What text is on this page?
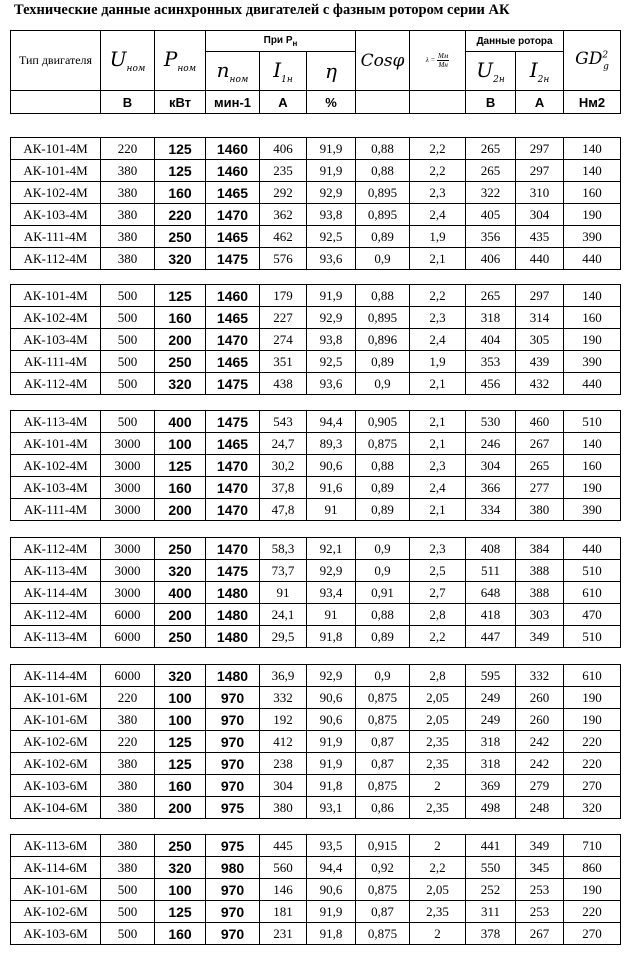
Технические данные асинхронных двигателей с фазным ротором серии АК
Тип двигателя	$U_{ном}$	$P_{ном}$	При $P_н$			Cosφ	$\lambda = \frac{Mм}{Mн}$	Данные ротора		$GD^2_g$
			$n_{ном}$	$I_{1н}$	η			$U_{2н}$	$I_{2н}$
	В	кВт	мин-1	А	%			В	А	Нм2
АК-101-4М	220	125	1460	406	91,9	0,88	2,2	265	297	140
АК-101-4М	380	125	1460	235	91,9	0,88	2,2	265	297	140
АК-102-4М	380	160	1465	292	92,9	0,895	2,3	322	310	160
АК-103-4М	380	220	1470	362	93,8	0,895	2,4	405	304	190
АК-111-4М	380	250	1465	462	92,5	0,89	1,9	356	435	390
АК-112-4М	380	320	1475	576	93,6	0,9	2,1	406	440	440
АК-101-4М	500	125	1460	179	91,9	0,88	2,2	265	297	140
АК-102-4М	500	160	1465	227	92,9	0,895	2,3	318	314	160
АК-103-4М	500	200	1470	274	93,8	0,896	2,4	404	305	190
АК-111-4М	500	250	1465	351	92,5	0,89	1,9	353	439	390
АК-112-4М	500	320	1475	438	93,6	0,9	2,1	456	432	440
АК-113-4М	500	400	1475	543	94,4	0,905	2,1	530	460	510
АК-101-4М	3000	100	1465	24,7	89,3	0,875	2,1	246	267	140
АК-102-4М	3000	125	1470	30,2	90,6	0,88	2,3	304	265	160
АК-103-4М	3000	160	1470	37,8	91,6	0,89	2,4	366	277	190
АК-111-4М	3000	200	1470	47,8	91	0,89	2,1	334	380	390
АК-112-4М	3000	250	1470	58,3	92,1	0,9	2,3	408	384	440
АК-113-4М	3000	320	1475	73,7	92,9	0,9	2,5	511	388	510
АК-114-4М	3000	400	1480	91	93,4	0,91	2,7	648	388	610
АК-112-4М	6000	200	1480	24,1	91	0,88	2,8	418	303	470
АК-113-4М	6000	250	1480	29,5	91,8	0,89	2,2	447	349	510
АК-114-4М	6000	320	1480	36,9	92,9	0,9	2,8	595	332	610
АК-101-6М	220	100	970	332	90,6	0,875	2,05	249	260	190
АК-101-6М	380	100	970	192	90,6	0,875	2,05	249	260	190
АК-102-6М	220	125	970	412	91,9	0,87	2,35	318	242	220
АК-102-6М	380	125	970	238	91,9	0,87	2,35	318	242	220
АК-103-6М	380	160	970	304	91,8	0,875	2	369	279	270
АК-104-6М	380	200	975	380	93,1	0,86	2,35	498	248	320
АК-113-6М	380	250	975	445	93,5	0,915	2	441	349	710
АК-114-6М	380	320	980	560	94,4	0,92	2,2	550	345	860
АК-101-6М	500	100	970	146	90,6	0,875	2,05	252	253	190
АК-102-6М	500	125	970	181	91,9	0,87	2,35	311	253	220
АК-103-6М	500	160	970	231	91,8	0,875	2	378	267	270
